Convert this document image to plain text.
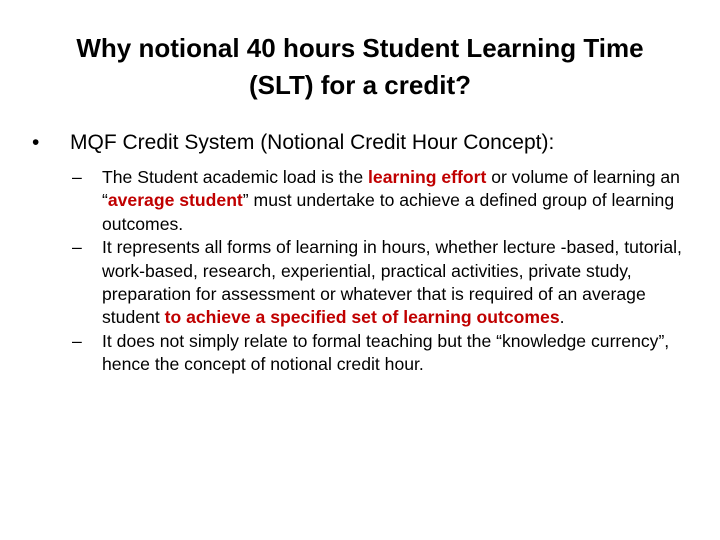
Why notional 40 hours Student Learning Time
(SLT) for a credit?
• MQF Credit System (Notional Credit Hour Concept):
– The Student academic load is the learning effort or volume of learning an “average student” must undertake to achieve a defined group of learning outcomes.
– It represents all forms of learning in hours, whether lecture -based, tutorial, work-based, research, experiential, practical activities, private study, preparation for assessment or whatever that is required of an average student to achieve a specified set of learning outcomes.
– It does not simply relate to formal teaching but the “knowledge currency”, hence the concept of notional credit hour.
